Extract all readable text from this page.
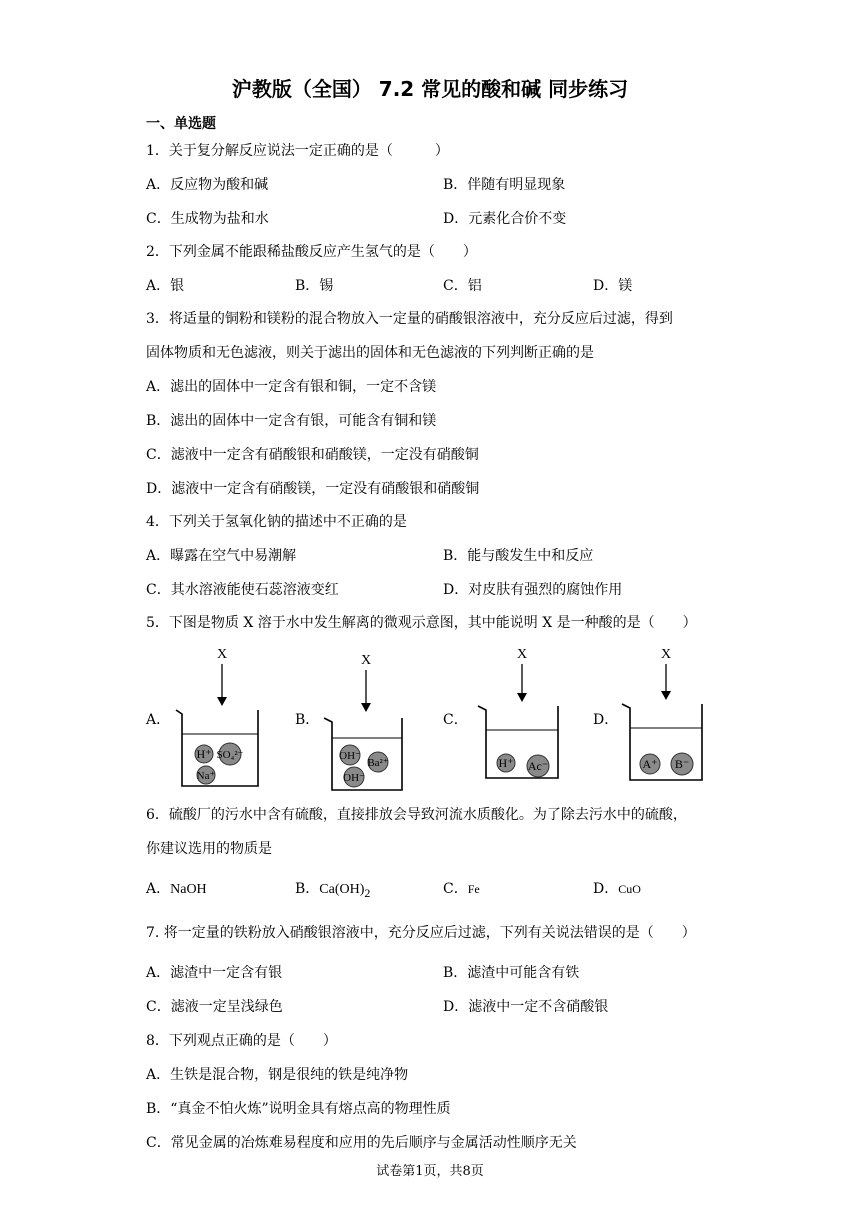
沪教版（全国） 7.2 常见的酸和碱 同步练习
一、单选题
1．关于复分解反应说法一定正确的是（　　　）
A．反应物为酸和碱	B．伴随有明显现象
C．生成物为盐和水	D．元素化合价不变
2．下列金属不能跟稀盐酸反应产生氢气的是（　　）
A．银	B．锡	C．铝	D．镁
3．将适量的铜粉和镁粉的混合物放入一定量的硝酸银溶液中，充分反应后过滤，得到
固体物质和无色滤液，则关于滤出的固体和无色滤液的下列判断正确的是
A．滤出的固体中一定含有银和铜，一定不含镁
B．滤出的固体中一定含有银，可能含有铜和镁
C．滤液中一定含有硝酸银和硝酸镁，一定没有硝酸铜
D．滤液中一定含有硝酸镁，一定没有硝酸银和硝酸铜
4．下列关于氢氧化钠的描述中不正确的是
A．曝露在空气中易潮解	B．能与酸发生中和反应
C．其水溶液能使石蕊溶液变红	D．对皮肤有强烈的腐蚀作用
5．下图是物质 X 溶于水中发生解离的微观示意图，其中能说明 X 是一种酸的是（　　）
A．	B．	C．	D．
X
H⁺ SO₄²⁻
Na⁺
X
OH⁻
Ba²⁺
OH⁻
X
H⁺ Ac⁻
X
A⁺ B⁻
6．硫酸厂的污水中含有硫酸，直接排放会导致河流水质酸化。为了除去污水中的硫酸，
你建议选用的物质是
A．NaOH	B．$Ca(OH)_2$	C．Fe	D．CuO
7. 将一定量的铁粉放入硝酸银溶液中，充分反应后过滤，下列有关说法错误的是（　　）
A．滤渣中一定含有银	B．滤渣中可能含有铁
C．滤液一定呈浅绿色	D．滤液中一定不含硝酸银
8．下列观点正确的是（　　）
A．生铁是混合物，钢是很纯的铁是纯净物
B．“真金不怕火炼”说明金具有熔点高的物理性质
C．常见金属的冶炼难易程度和应用的先后顺序与金属活动性顺序无关
试卷第1页，共8页
